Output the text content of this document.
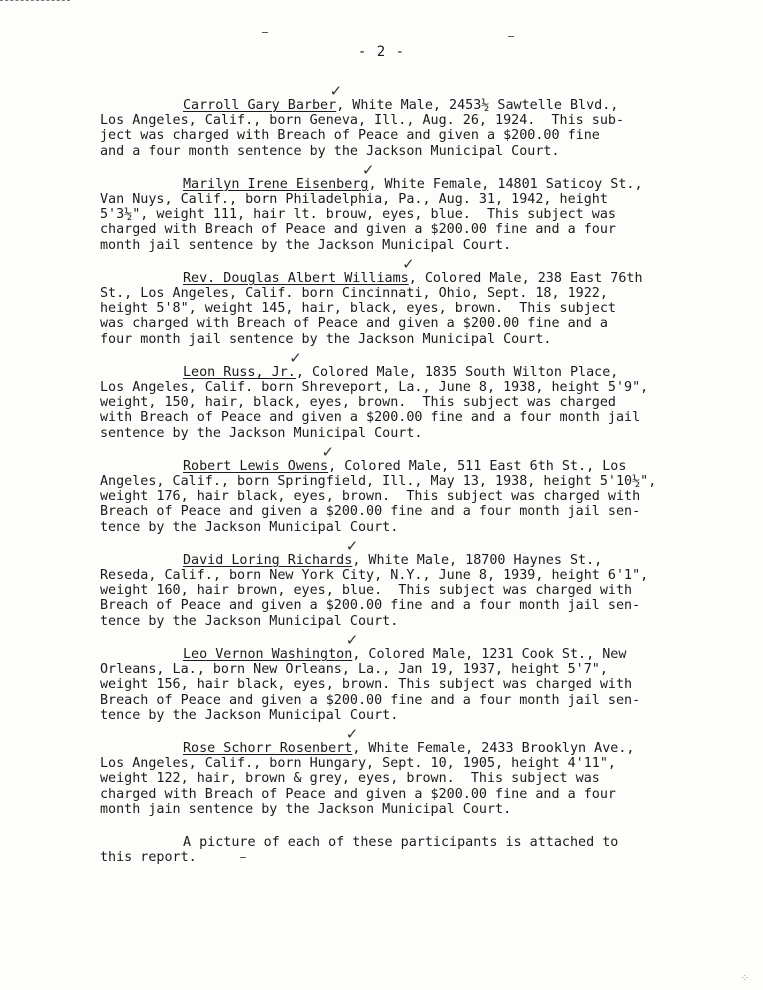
- 2 -
Carroll Gary Barber
✓
, White Male, 2453½ Sawtelle Blvd.,
Los Angeles, Calif., born Geneva, Ill., Aug. 26, 1924.  This sub-
ject was charged with Breach of Peace and given a $200.00 fine
and a four month sentence by the Jackson Municipal Court.
Marilyn Irene Eisenberg
✓
, White Female, 14801 Saticoy St.,
Van Nuys, Calif., born Philadelphia, Pa., Aug. 31, 1942, height
5'3½", weight 111, hair lt. brouw, eyes, blue.  This subject was
charged with Breach of Peace and given a $200.00 fine and a four
month jail sentence by the Jackson Municipal Court.
Rev. Douglas Albert Williams
✓
, Colored Male, 238 East 76th
St., Los Angeles, Calif. born Cincinnati, Ohio, Sept. 18, 1922,
height 5'8", weight 145, hair, black, eyes, brown.  This subject
was charged with Breach of Peace and given a $200.00 fine and a
four month jail sentence by the Jackson Municipal Court.
Leon Russ, Jr.
✓
, Colored Male, 1835 South Wilton Place,
Los Angeles, Calif. born Shreveport, La., June 8, 1938, height 5'9",
weight, 150, hair, black, eyes, brown.  This subject was charged
with Breach of Peace and given a $200.00 fine and a four month jail
sentence by the Jackson Municipal Court.
Robert Lewis Owens
✓
, Colored Male, 511 East 6th St., Los
Angeles, Calif., born Springfield, Ill., May 13, 1938, height 5'10½",
weight 176, hair black, eyes, brown.  This subject was charged with
Breach of Peace and given a $200.00 fine and a four month jail sen-
tence by the Jackson Municipal Court.
David Loring Richards
✓
, White Male, 18700 Haynes St.,
Reseda, Calif., born New York City, N.Y., June 8, 1939, height 6'1",
weight 160, hair brown, eyes, blue.  This subject was charged with
Breach of Peace and given a $200.00 fine and a four month jail sen-
tence by the Jackson Municipal Court.
Leo Vernon Washington
✓
, Colored Male, 1231 Cook St., New
Orleans, La., born New Orleans, La., Jan 19, 1937, height 5'7",
weight 156, hair black, eyes, brown. This subject was charged with
Breach of Peace and given a $200.00 fine and a four month jail sen-
tence by the Jackson Municipal Court.
Rose Schorr Rosenbert
✓
, White Female, 2433 Brooklyn Ave.,
Los Angeles, Calif., born Hungary, Sept. 10, 1905, height 4'11",
weight 122, hair, brown & grey, eyes, brown.  This subject was
charged with Breach of Peace and given a $200.00 fine and a four
month jain sentence by the Jackson Municipal Court.
A picture of each of these participants is attached to
this report.
⁘
